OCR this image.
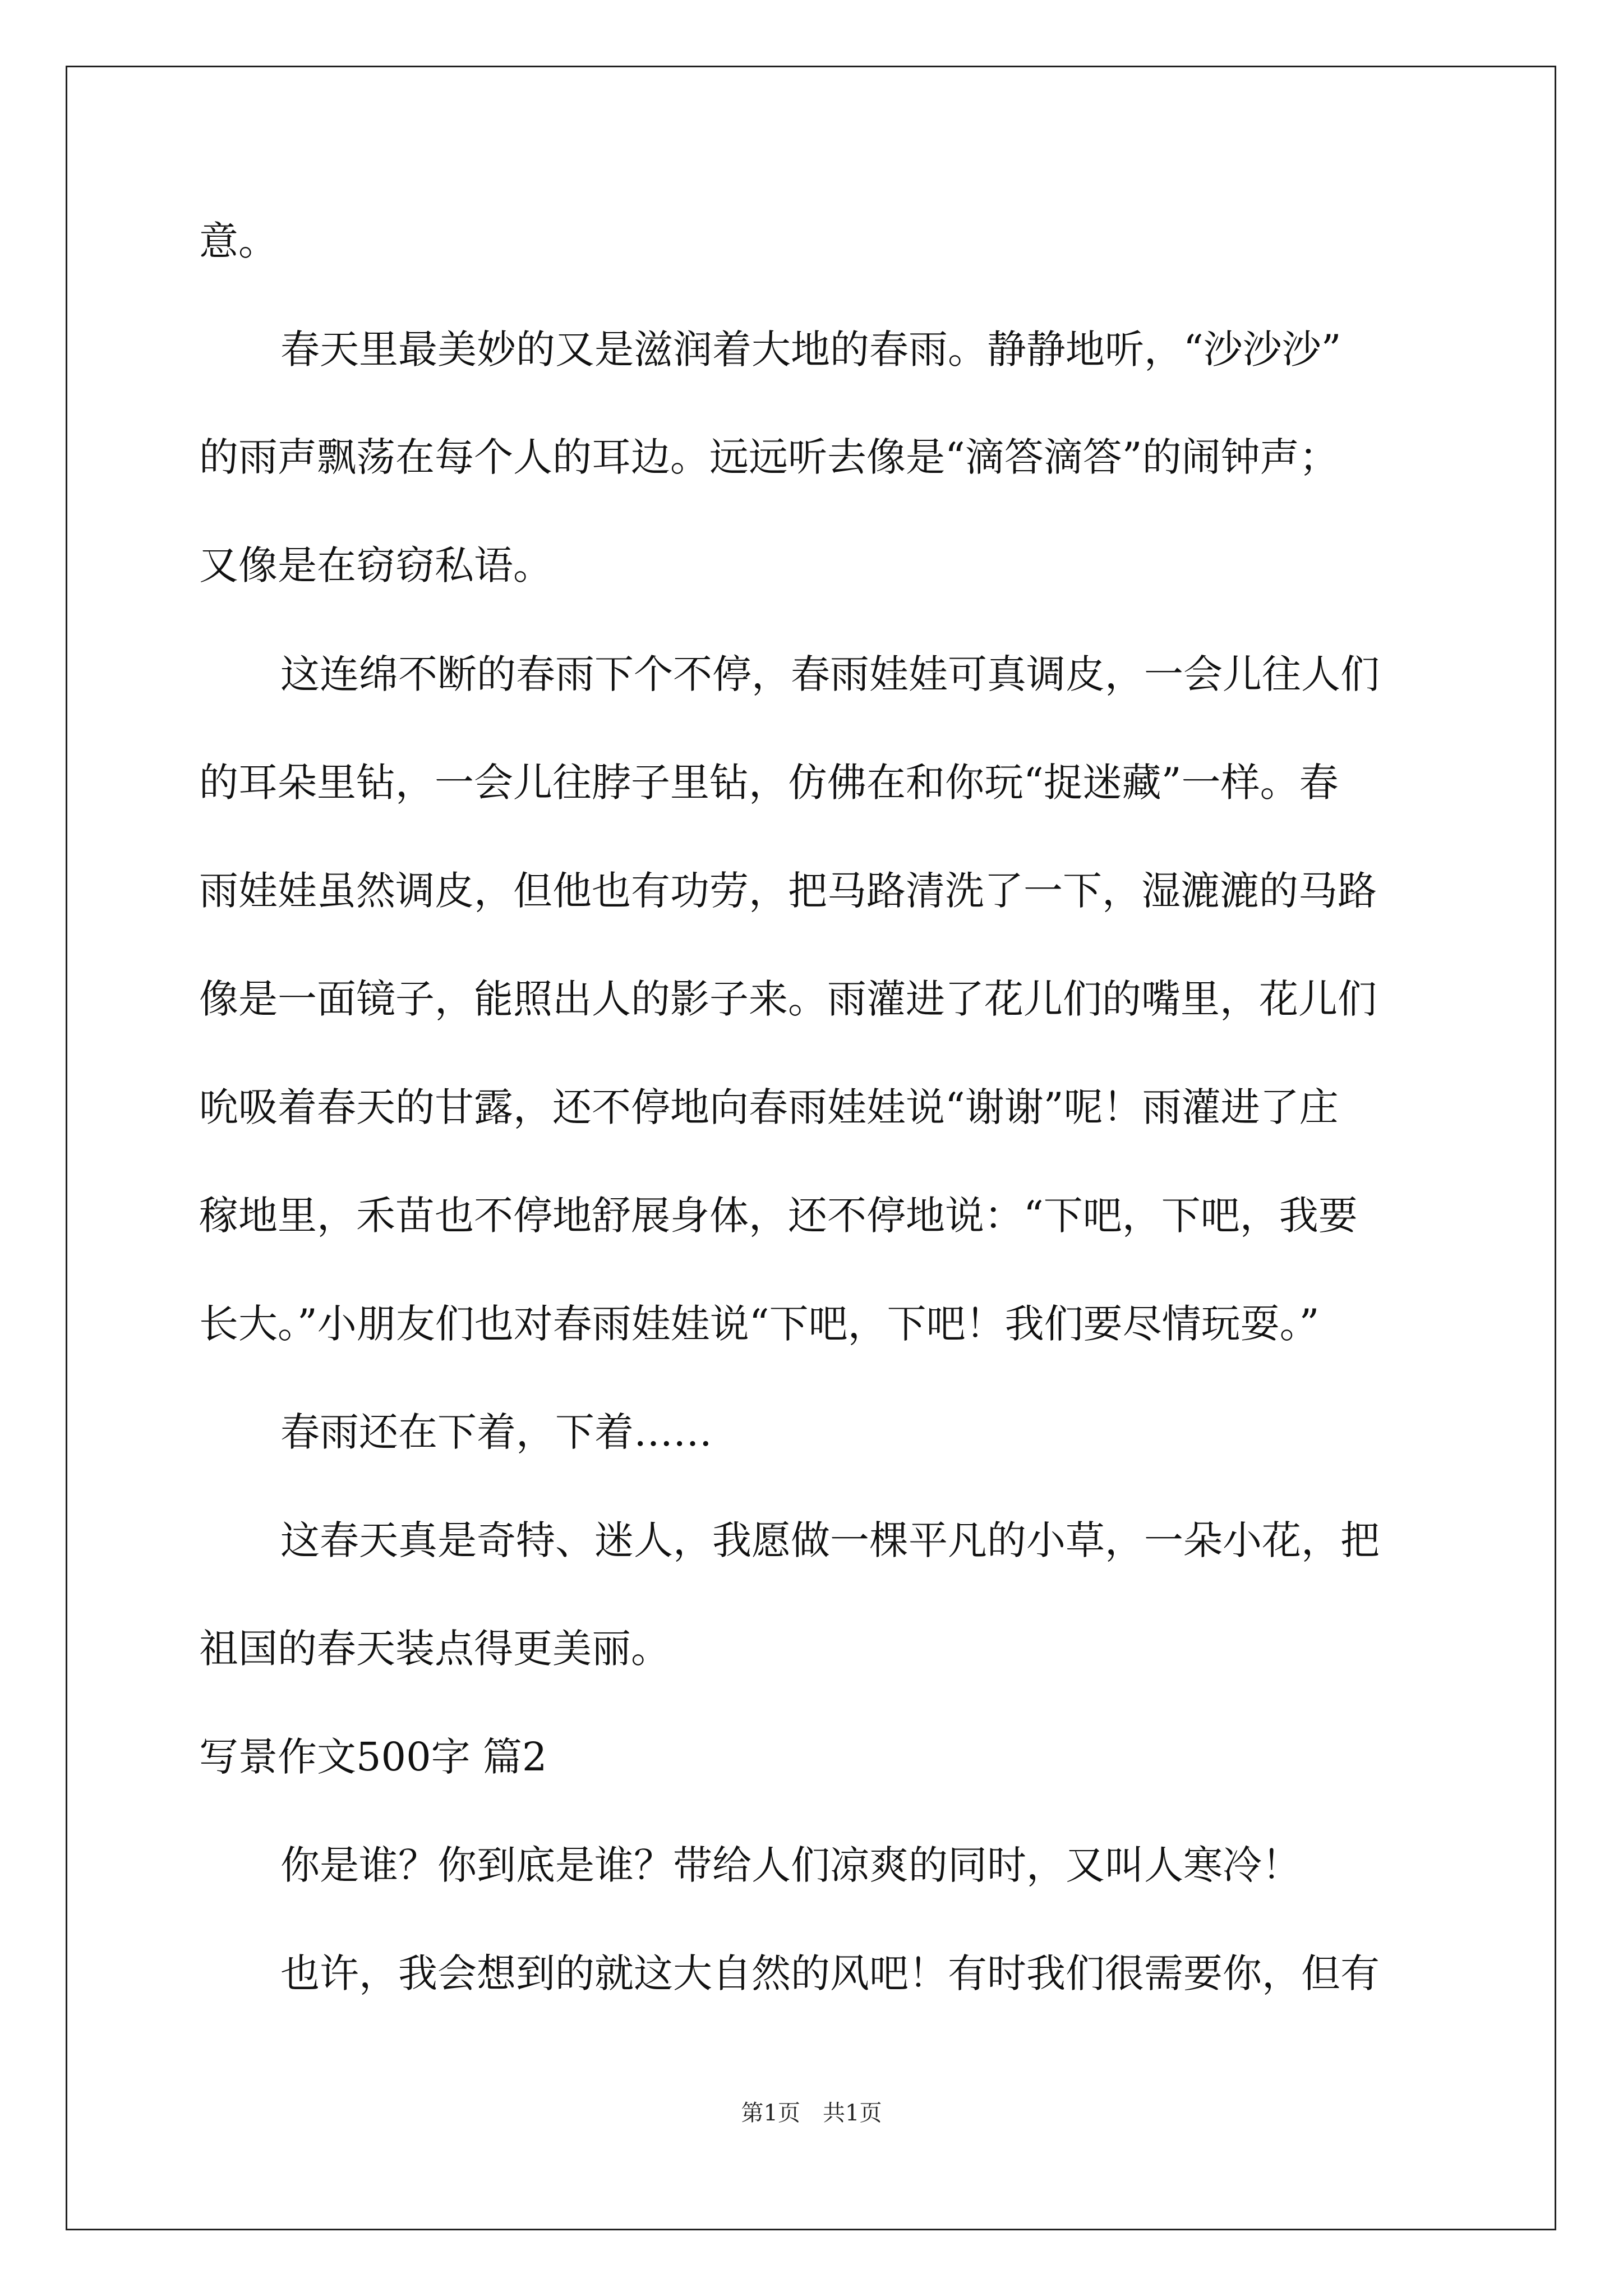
意。
春天里最美妙的又是滋润着大地的春雨。静静地听，“沙沙沙”
的雨声飘荡在每个人的耳边。远远听去像是“滴答滴答”的闹钟声；
又像是在窃窃私语。
这连绵不断的春雨下个不停，春雨娃娃可真调皮，一会儿往人们
的耳朵里钻，一会儿往脖子里钻，仿佛在和你玩“捉迷藏”一样。春
雨娃娃虽然调皮，但他也有功劳，把马路清洗了一下，湿漉漉的马路
像是一面镜子，能照出人的影子来。雨灌进了花儿们的嘴里，花儿们
吮吸着春天的甘露，还不停地向春雨娃娃说“谢谢”呢！雨灌进了庄
稼地里，禾苗也不停地舒展身体，还不停地说：“下吧，下吧，我要
长大。”小朋友们也对春雨娃娃说“下吧，下吧！我们要尽情玩耍。”
春雨还在下着，下着……
这春天真是奇特、迷人，我愿做一棵平凡的小草，一朵小花，把
祖国的春天装点得更美丽。
写景作文500字 篇2
你是谁？你到底是谁？带给人们凉爽的同时，又叫人寒冷！
也许，我会想到的就这大自然的风吧！有时我们很需要你，但有
第1页　共1页
